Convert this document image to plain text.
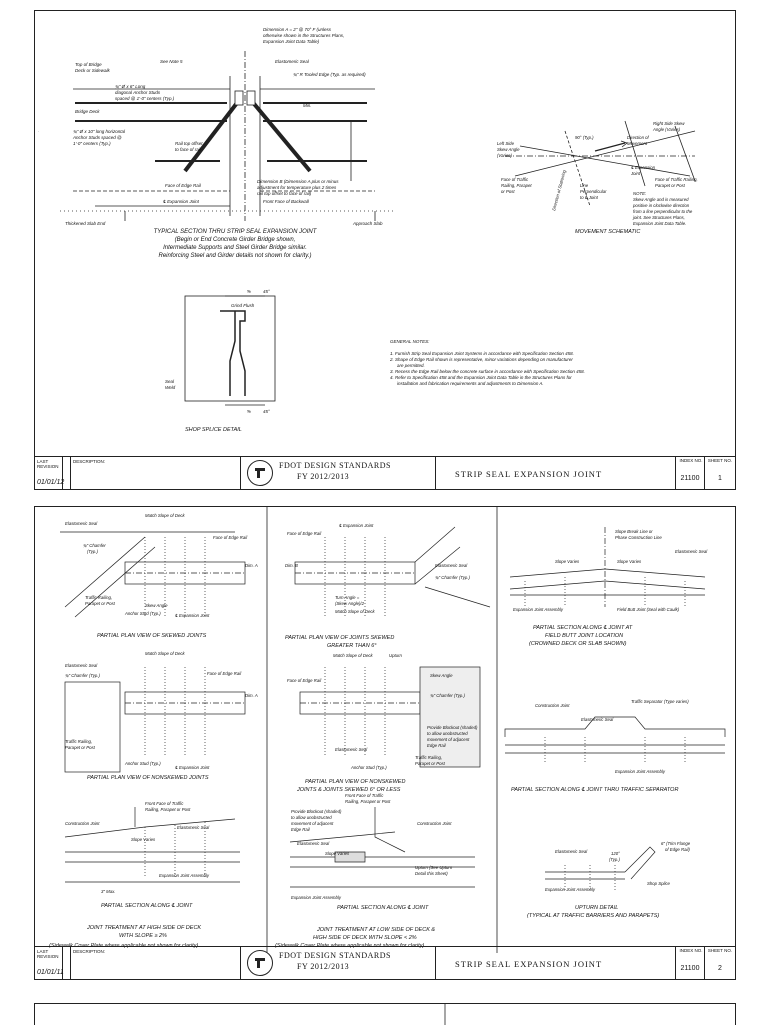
·
Dimension A = 2" @ 70° F (unless
otherwise shown in the Structures Plans,
Expansion Joint Data Table)
Top of Bridge
Deck or Sidewalk
See Note 5	Elastomeric Seal
¾" R Tooled Edge (Typ. as required)
¾" Ø x 6" Long
diagonal Anchor Studs
spaced @ 1'-0" centers (Typ.)
Bridge Deck
¾" Ø x 10" long horizontal
Anchor Studs spaced @
1'-0" centers (Typ.)	Rail top offset
to face of rail
Face of Edge Rail
Dimension B (Dimension A plus or minus
adjustment for temperature plus 2 times
rail top offset to face of rail)
℄ Expansion Joint	Front Face of Backwall
Thickened Slab End	Approach Slab
Min.
TYPICAL SECTION THRU STRIP SEAL EXPANSION JOINT
(Begin or End Concrete Girder Bridge shown,
Intermediate Supports and Steel Girder Bridge similar.
Reinforcing Steel and Girder details not shown for clarity.)
Right Side Skew
Angle (Varies)
Left Side
Skew Angle
(Varies)
Direction of
Movement
90° (Typ.)
℄ Expansion
Joint
Face of Traffic Railing,
Parapet or Post
Line
Perpendicular
to ℄ Joint
Face of Traffic
Railing, Parapet
or Post	Direction of Stationing	NOTE:
Skew Angle and is measured
positive in clockwise direction
from a line perpendicular to the
joint. See Structures Plans,
Expansion Joint Data Table.
MOVEMENT SCHEMATIC
⅝	45°
Grind Flush
Seal
Weld
⅝	45°
SHOP SPLICE DETAIL
GENERAL NOTES:
1. Furnish Strip Seal Expansion Joint Systems in accordance with Specification Section 458.
2. Shape of Edge Rail shown is representative, minor variations depending on manufacturer
are permitted.
3. Recess the Edge Rail below the concrete surface in accordance with Specification Section 458.
4. Refer to Specification 458 and the Expansion Joint Data Table in the Structures Plans for
installation and fabrication requirements and adjustments to Dimension A.
LAST REVISION
01/01/12
DESCRIPTION:	FDOT DESIGN STANDARDS
FY 2012/2013	STRIP SEAL EXPANSION JOINT
INDEX NO.
21100
SHEET NO.
1
Elastomeric Seal
Match Slope of Deck
Face of Edge Rail
¾" Chamfer
(Typ.)
Traffic Railing,
Parapet or Post	Skew Angle
Anchor Stud (Typ.)	℄ Expansion Joint
Dim. A
PARTIAL PLAN VIEW OF SKEWED JOINTS
Face of Edge Rail
℄ Expansion Joint
Elastomeric Seal
¾" Chamfer (Typ.)
Turn Angle =
(Skew Angle)/2
Match Slope of Deck
Dim. B
PARTIAL PLAN VIEW OF JOINTS SKEWED
GREATER THAN 6°
Slope Break Line or
Phase Construction Line
Elastomeric Seal
Slope Varies	Slope Varies
Expansion Joint Assembly	Field Butt Joint (Seal with Caulk)
PARTIAL SECTION ALONG ℄ JOINT AT
FIELD BUTT JOINT LOCATION
(CROWNED DECK OR SLAB SHOWN)
Elastomeric Seal
Match Slope of Deck
¾" Chamfer (Typ.)	Face of Edge Rail
Traffic Railing,
Parapet or Post
Anchor Stud (Typ.)
℄ Expansion Joint
Dim. A
PARTIAL PLAN VIEW OF NONSKEWED JOINTS
Match Slope of Deck	Upturn
Face of Edge Rail
Skew Angle
¾" Chamfer (Typ.)
Provide Blockout (shaded)
to allow unobstructed
movement of adjacent
Edge Rail
Traffic Railing,
Parapet or Post
Elastomeric Seal
Anchor Stud (Typ.)
PARTIAL PLAN VIEW OF NONSKEWED
JOINTS & JOINTS SKEWED 6° OR LESS
Construction Joint
Traffic Separator (Type varies)
Elastomeric Seal
Expansion Joint Assembly
PARTIAL SECTION ALONG ℄ JOINT THRU TRAFFIC SEPARATOR
Front Face of Traffic
Railing, Parapet or Post
Construction Joint
Elastomeric Seal
Slope Varies
Expansion Joint Assembly
3" Max.
PARTIAL SECTION ALONG ℄ JOINT
JOINT TREATMENT AT HIGH SIDE OF DECK
WITH SLOPE ≥ 2%
(Sidewalk Cover Plate where applicable not shown for clarity)
Front Face of Traffic
Railing, Parapet or Post
Provide Blockout (shaded)
to allow unobstructed
movement of adjacent
Edge Rail
Construction Joint
Elastomeric Seal
Slope Varies
Upturn (See Upturn
Detail this Sheet)
Expansion Joint Assembly
PARTIAL SECTION ALONG ℄ JOINT
JOINT TREATMENT AT LOW SIDE OF DECK &
HIGH SIDE OF DECK WITH SLOPE < 2%
(Sidewalk Cover Plate where applicable not shown for clarity)
Elastomeric Seal	120°
(Typ.)
6" (Trim Flange
of Edge Rail)
Expansion Joint Assembly
Shop Splice
UPTURN DETAIL
(TYPICAL AT TRAFFIC BARRIERS AND PARAPETS)
LAST REVISION
01/01/11
DESCRIPTION:	FDOT DESIGN STANDARDS
FY 2012/2013	STRIP SEAL EXPANSION JOINT
INDEX NO.
21100
SHEET NO.
2
